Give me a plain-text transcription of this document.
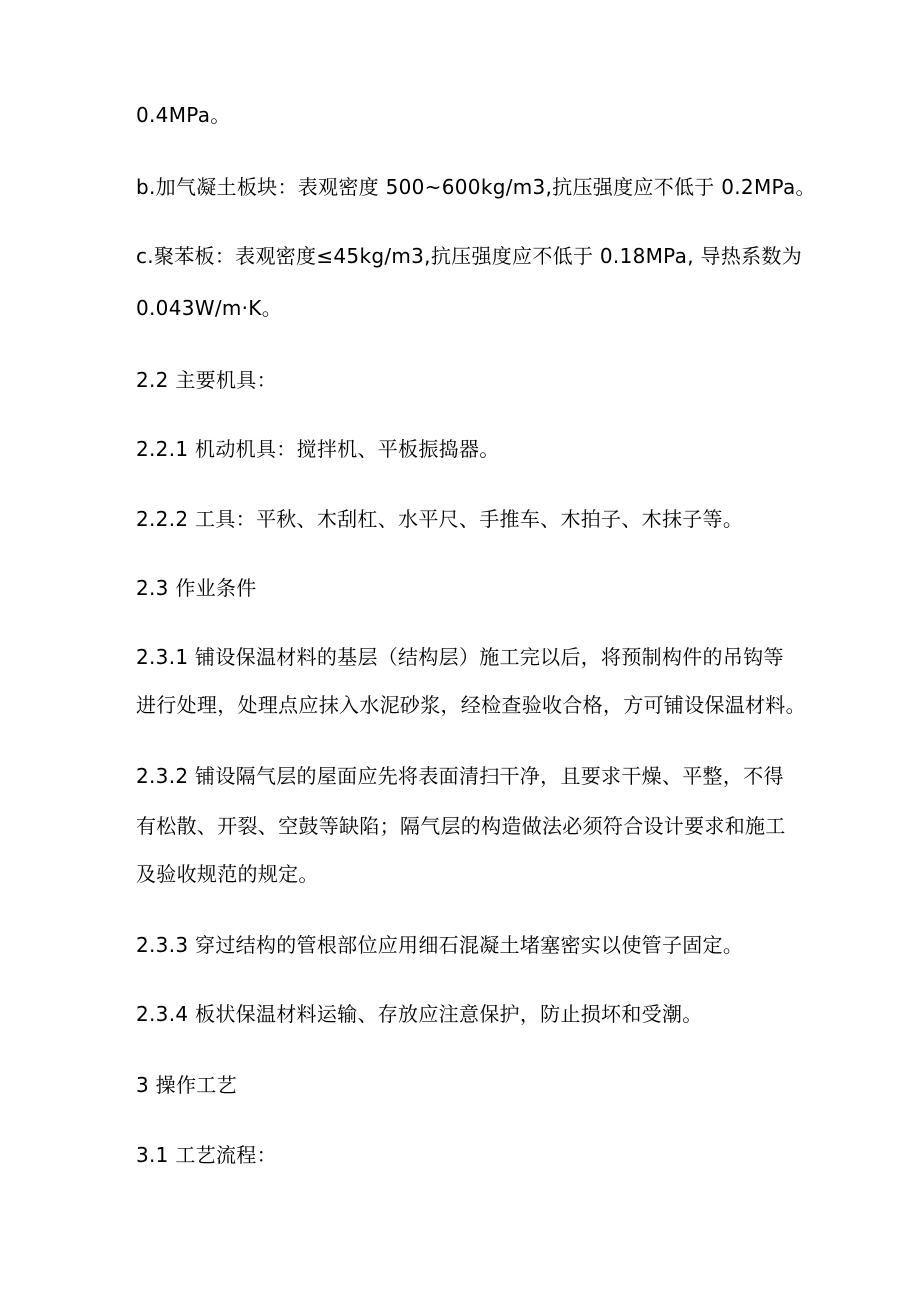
0.4MPa。
b.加气凝土板块：表观密度 500~600kg/m3,抗压强度应不低于 0.2MPa。
c.聚苯板：表观密度≤45kg/m3,抗压强度应不低于 0.18MPa, 导热系数为
0.043W/m·K。
2.2 主要机具：
2.2.1 机动机具：搅拌机、平板振捣器。
2.2.2 工具：平秋、木刮杠、水平尺、手推车、木拍子、木抹子等。
2.3 作业条件
2.3.1 铺设保温材料的基层（结构层）施工完以后，将预制构件的吊钩等
进行处理，处理点应抹入水泥砂浆，经检查验收合格，方可铺设保温材料。
2.3.2 铺设隔气层的屋面应先将表面清扫干净，且要求干燥、平整，不得
有松散、开裂、空鼓等缺陷；隔气层的构造做法必须符合设计要求和施工
及验收规范的规定。
2.3.3 穿过结构的管根部位应用细石混凝土堵塞密实以使管子固定。
2.3.4 板状保温材料运输、存放应注意保护，防止损坏和受潮。
3 操作工艺
3.1 工艺流程：
